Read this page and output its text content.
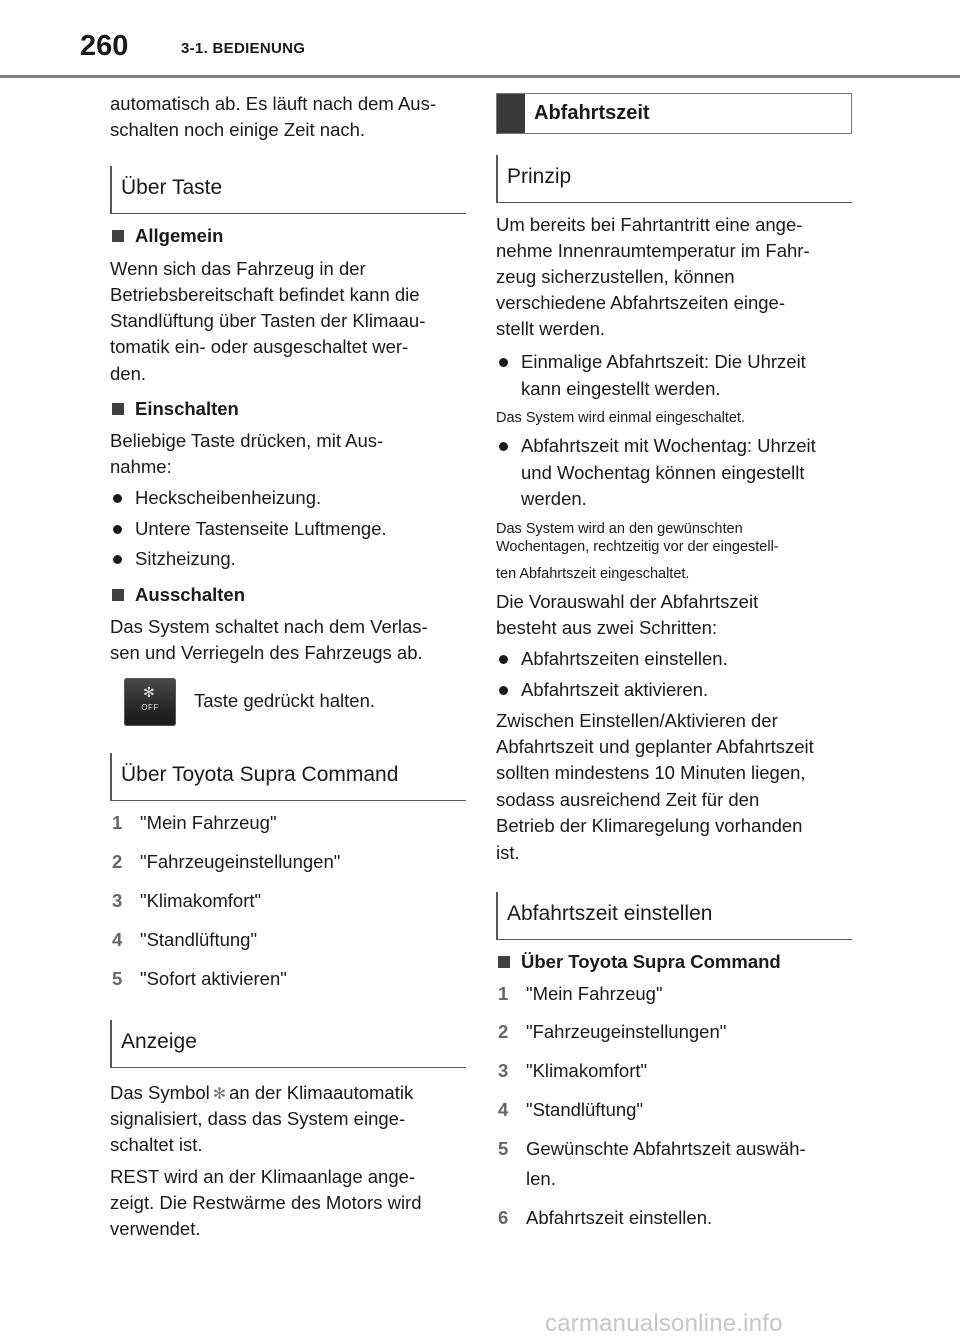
260	3-1. BEDIENUNG
automatisch ab. Es läuft nach dem Aus-
schalten noch einige Zeit nach.
Über Taste
Allgemein
Wenn sich das Fahrzeug in der
Betriebsbereitschaft befindet kann die
Standlüftung über Tasten der Klimaau-
tomatik ein- oder ausgeschaltet wer-
den.
Einschalten
Beliebige Taste drücken, mit Aus-
nahme:
Heckscheibenheizung.
Untere Tastenseite Luftmenge.
Sitzheizung.
Ausschalten
Das System schaltet nach dem Verlas-
sen und Verriegeln des Fahrzeugs ab.
✻
OFF	Taste gedrückt halten.
Über Toyota Supra Command
1 "Mein Fahrzeug"
2 "Fahrzeugeinstellungen"
3 "Klimakomfort"
4 "Standlüftung"
5 "Sofort aktivieren"
Anzeige
Das Symbol ✻ an der Klimaautomatik
signalisiert, dass das System einge-
schaltet ist.
REST wird an der Klimaanlage ange-
zeigt. Die Restwärme des Motors wird
verwendet.
Abfahrtszeit
Prinzip
Um bereits bei Fahrtantritt eine ange-
nehme Innenraumtemperatur im Fahr-
zeug sicherzustellen, können
verschiedene Abfahrtszeiten einge-
stellt werden.
Einmalige Abfahrtszeit: Die Uhrzeit
kann eingestellt werden.
Das System wird einmal eingeschaltet.
Abfahrtszeit mit Wochentag: Uhrzeit
und Wochentag können eingestellt
werden.
Das System wird an den gewünschten
Wochentagen, rechtzeitig vor der eingestell-
ten Abfahrtszeit eingeschaltet.
Die Vorauswahl der Abfahrtszeit
besteht aus zwei Schritten:
Abfahrtszeiten einstellen.
Abfahrtszeit aktivieren.
Zwischen Einstellen/Aktivieren der
Abfahrtszeit und geplanter Abfahrtszeit
sollten mindestens 10 Minuten liegen,
sodass ausreichend Zeit für den
Betrieb der Klimaregelung vorhanden
ist.
Abfahrtszeit einstellen
Über Toyota Supra Command
1 "Mein Fahrzeug"
2 "Fahrzeugeinstellungen"
3 "Klimakomfort"
4 "Standlüftung"
5 Gewünschte Abfahrtszeit auswäh-
len.
6 Abfahrtszeit einstellen.
carmanualsonline.info
